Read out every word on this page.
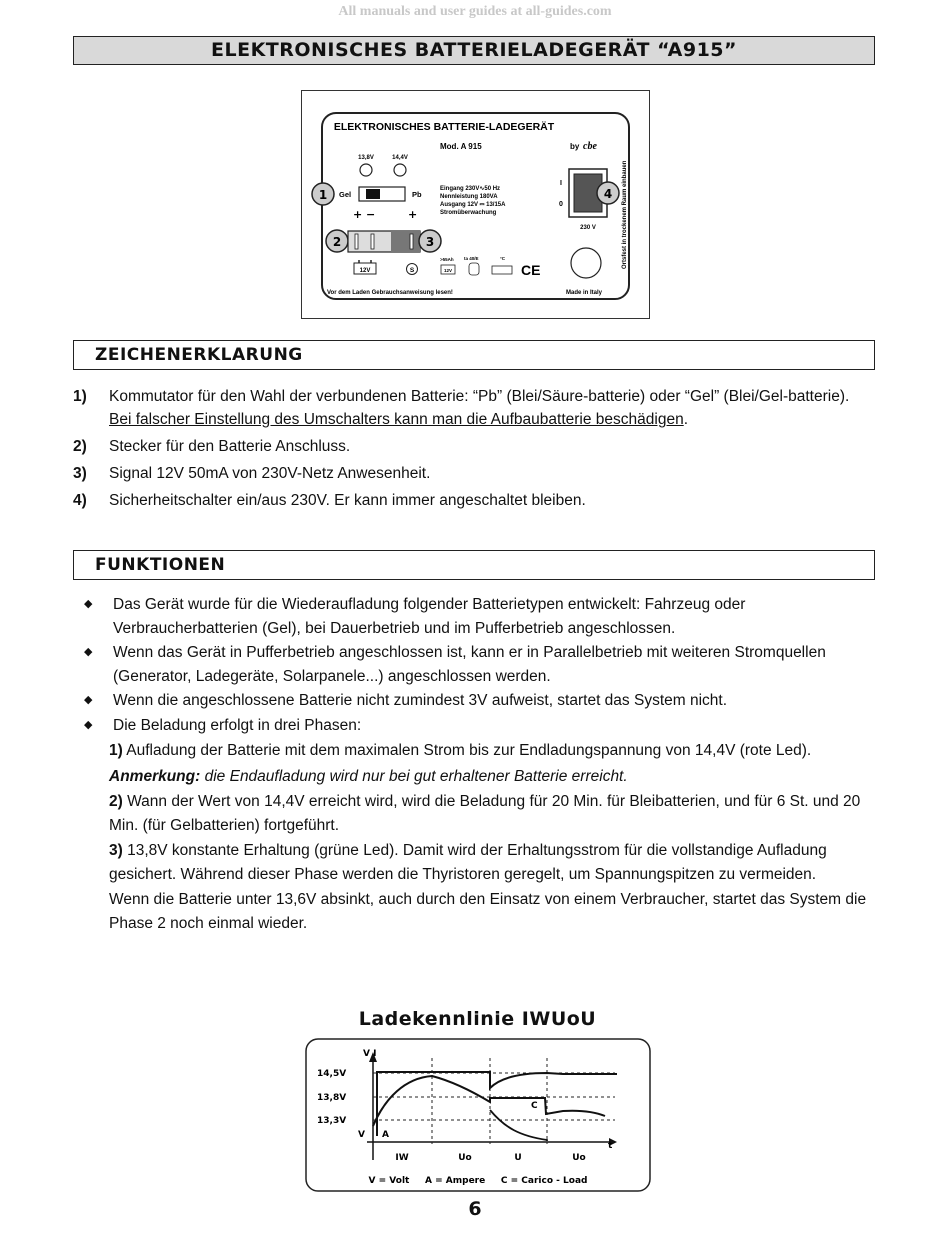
All manuals and user guides at all-guides.com
ELEKTRONISCHES BATTERIELADEGERÄT “A915”
ELEKTRONISCHES BATTERIE-LADEGERÄT
Mod. A 915	by cbe
13,8V	14,4V
1 Gel	Pb
+ −	+
Eingang 230V∿50 Hz
Nennleistung 180VA
Ausgang 12V ⎓ 13/15A
Stromüberwachung
I
0
4
230 V	Ortsfest in trockenem Raum einbauen
2	3
12V	S
>55Ah
12V
ta 40/E	°C
CE
Vor dem Laden Gebrauchsanweisung lesen!	Made in Italy
ZEICHENERKLARUNG
1)	Kommutator für den Wahl der verbundenen Batterie: “Pb” (Blei/Säure-batterie) oder “Gel” (Blei/Gel-batterie).   Bei falscher Einstellung des Umschalters kann man die Aufbaubatterie beschädigen.
2)	Stecker für den Batterie Anschluss.
3)	Signal 12V 50mA von 230V-Netz Anwesenheit.
4)	Sicherheitschalter ein/aus 230V. Er kann immer angeschaltet bleiben.
FUNKTIONEN
◆	Das Gerät wurde für die Wiederaufladung folgender Batterietypen entwickelt: Fahrzeug oder Verbraucherbatterien (Gel), bei Dauerbetrieb und im Pufferbetrieb angeschlossen.
◆	Wenn das Gerät in Pufferbetrieb angeschlossen ist, kann er in Parallelbetrieb mit weiteren Stromquellen (Generator, Ladegeräte, Solarpanele...) angeschlossen werden.
◆	Wenn die angeschlossene Batterie nicht zumindest 3V aufweist, startet das System nicht.
◆	Die Beladung erfolgt in drei Phasen:
1) Aufladung der Batterie mit dem maximalen Strom bis zur Endladungspannung von 14,4V (rote Led).
Anmerkung: die Endaufladung wird nur bei gut erhaltener Batterie erreicht.
2) Wann der Wert von 14,4V erreicht wird, wird die Beladung für 20 Min. für Bleibatterien, und für 6 St. und 20 Min. (für Gelbatterien) fortgeführt.
3) 13,8V konstante Erhaltung (grüne Led). Damit wird der Erhaltungsstrom für die vollstandige Aufladung gesichert. Während dieser Phase werden die Thyristoren geregelt, um Spannungspitzen zu vermeiden.
Wenn die Batterie unter 13,6V absinkt, auch durch den Einsatz von einem Verbraucher, startet das System die Phase 2 noch einmal wieder.
Ladekennlinie IWUoU
V I
t
14,5V
13,8V
13,3V
V A
C
IW	Uo	U	Uo
V = Volt     A = Ampere     C = Carico - Load
6
